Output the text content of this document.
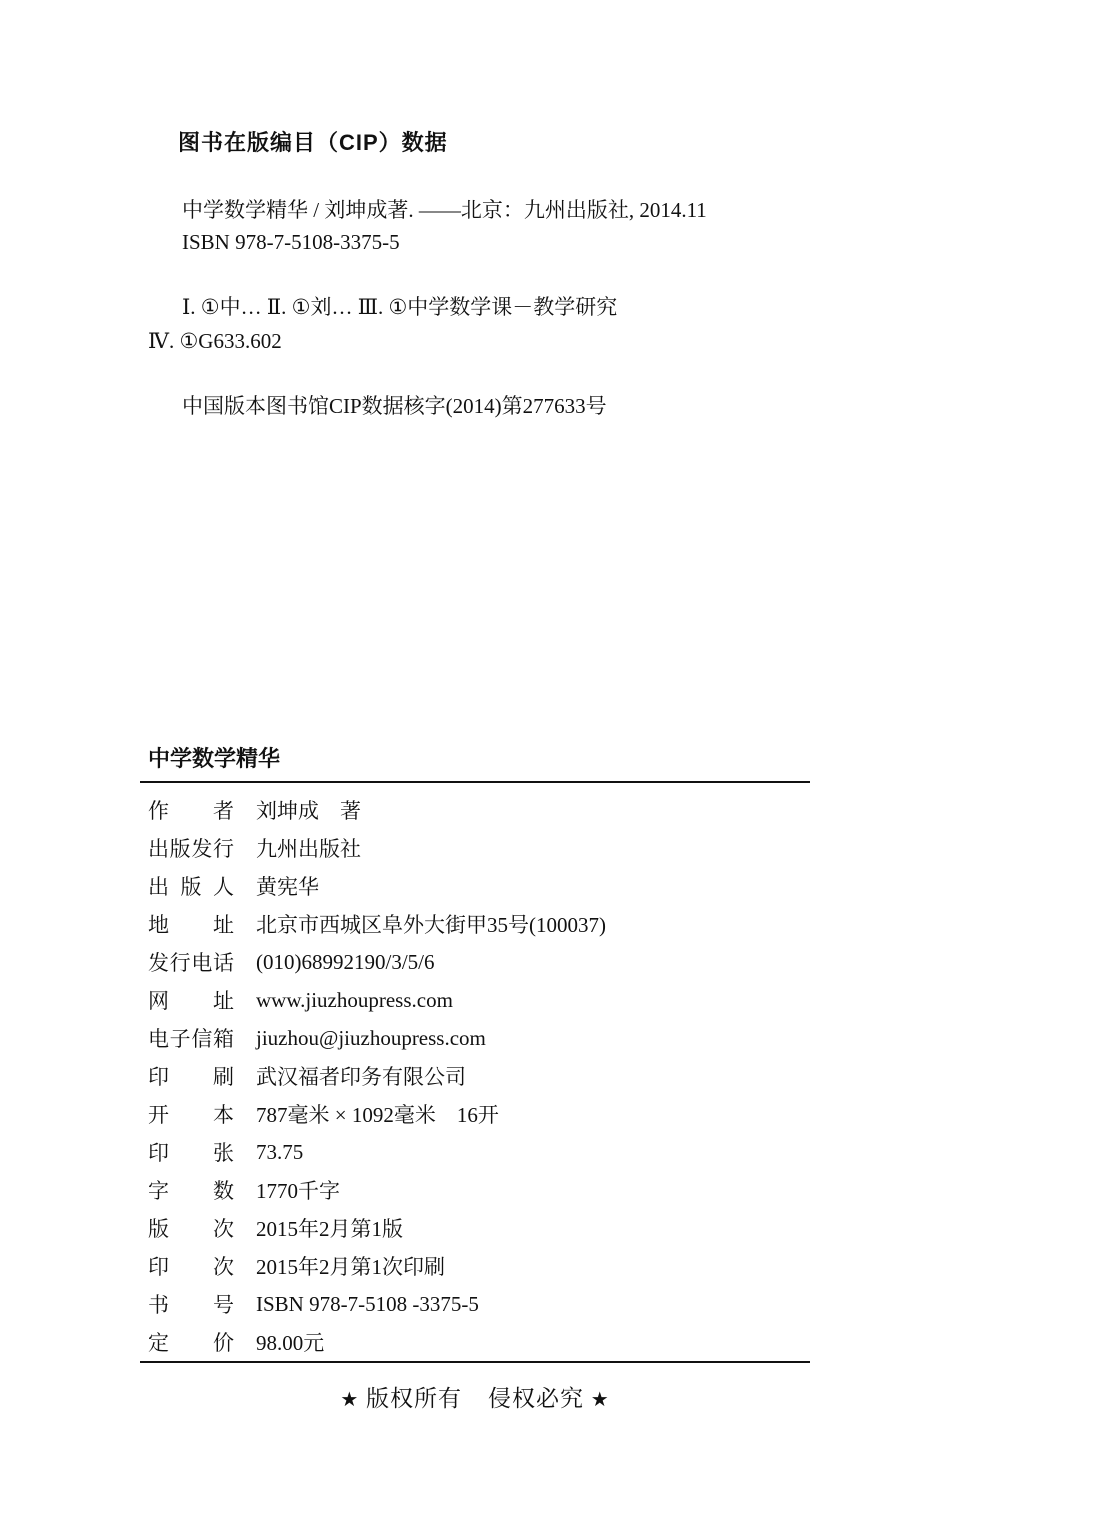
图书在版编目（CIP）数据
中学数学精华 / 刘坤成著. ——北京：九州出版社, 2014.11
ISBN 978-7-5108-3375-5
Ⅰ. ①中… Ⅱ. ①刘… Ⅲ. ①中学数学课－教学研究
Ⅳ. ①G633.602
中国版本图书馆CIP数据核字(2014)第277633号
中学数学精华
作 者 刘坤成　著
出 版 发 行 九州出版社
出 版 人 黄宪华
地 址 北京市西城区阜外大街甲35号(100037)
发 行 电 话 (010)68992190/3/5/6
网 址 www.jiuzhoupress.com
电 子 信 箱 jiuzhou@jiuzhoupress.com
印 刷 武汉福者印务有限公司
开 本 787毫米 × 1092毫米　16开
印 张 73.75
字 数 1770千字
版 次 2015年2月第1版
印 次 2015年2月第1次印刷
书 号 ISBN 978-7-5108 -3375-5
定 价 98.00元
★ 版权所有 侵权必究 ★
